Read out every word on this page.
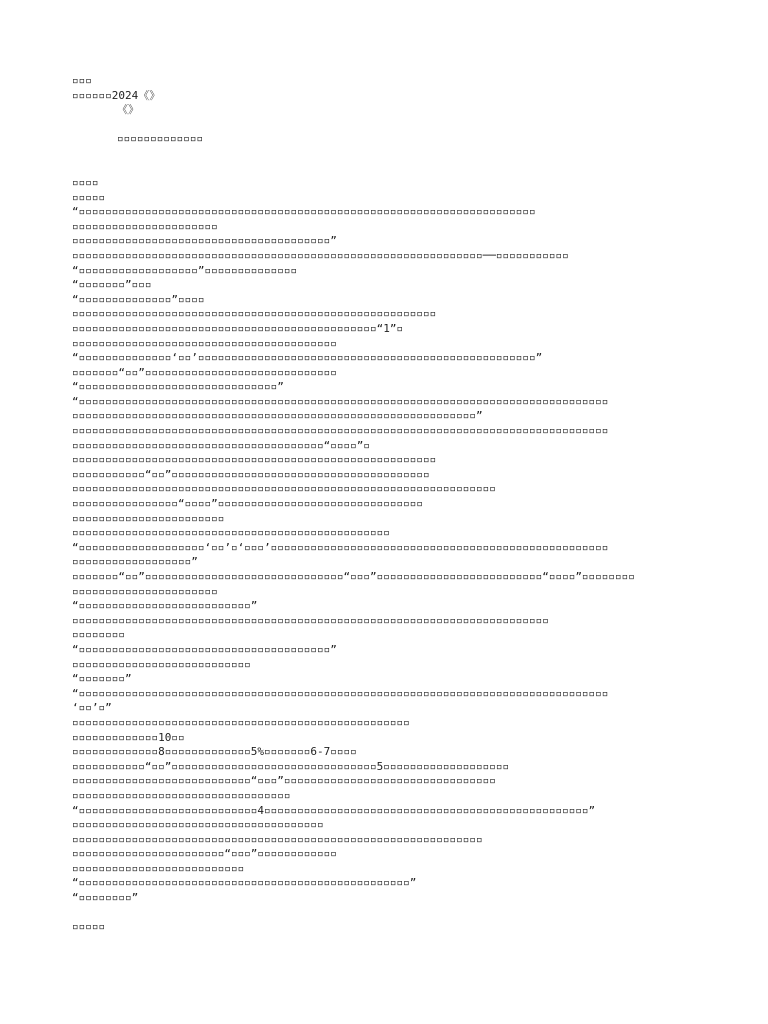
▫▫▫
▫▫▫▫▫▫2024《》
《》
▫▫▫▫▫▫▫▫▫▫▫▫▫
▫▫▫▫
▫▫▫▫▫
“▫▫▫▫▫▫▫▫▫▫▫▫▫▫▫▫▫▫▫▫▫▫▫▫▫▫▫▫▫▫▫▫▫▫▫▫▫▫▫▫▫▫▫▫▫▫▫▫▫▫▫▫▫▫▫▫▫▫▫▫▫▫▫▫▫▫▫▫▫
▫▫▫▫▫▫▫▫▫▫▫▫▫▫▫▫▫▫▫▫▫▫
▫▫▫▫▫▫▫▫▫▫▫▫▫▫▫▫▫▫▫▫▫▫▫▫▫▫▫▫▫▫▫▫▫▫▫▫▫▫▫”
▫▫▫▫▫▫▫▫▫▫▫▫▫▫▫▫▫▫▫▫▫▫▫▫▫▫▫▫▫▫▫▫▫▫▫▫▫▫▫▫▫▫▫▫▫▫▫▫▫▫▫▫▫▫▫▫▫▫▫▫▫▫──▫▫▫▫▫▫▫▫▫▫▫
“▫▫▫▫▫▫▫▫▫▫▫▫▫▫▫▫▫▫”▫▫▫▫▫▫▫▫▫▫▫▫▫▫
“▫▫▫▫▫▫▫”▫▫▫
“▫▫▫▫▫▫▫▫▫▫▫▫▫▫”▫▫▫▫
▫▫▫▫▫▫▫▫▫▫▫▫▫▫▫▫▫▫▫▫▫▫▫▫▫▫▫▫▫▫▫▫▫▫▫▫▫▫▫▫▫▫▫▫▫▫▫▫▫▫▫▫▫▫▫
▫▫▫▫▫▫▫▫▫▫▫▫▫▫▫▫▫▫▫▫▫▫▫▫▫▫▫▫▫▫▫▫▫▫▫▫▫▫▫▫▫▫▫▫▫▫“1”▫
▫▫▫▫▫▫▫▫▫▫▫▫▫▫▫▫▫▫▫▫▫▫▫▫▫▫▫▫▫▫▫▫▫▫▫▫▫▫▫▫
“▫▫▫▫▫▫▫▫▫▫▫▫▫▫‘▫▫’▫▫▫▫▫▫▫▫▫▫▫▫▫▫▫▫▫▫▫▫▫▫▫▫▫▫▫▫▫▫▫▫▫▫▫▫▫▫▫▫▫▫▫▫▫▫▫▫▫▫▫”
▫▫▫▫▫▫▫“▫▫”▫▫▫▫▫▫▫▫▫▫▫▫▫▫▫▫▫▫▫▫▫▫▫▫▫▫▫▫▫
“▫▫▫▫▫▫▫▫▫▫▫▫▫▫▫▫▫▫▫▫▫▫▫▫▫▫▫▫▫▫”
“▫▫▫▫▫▫▫▫▫▫▫▫▫▫▫▫▫▫▫▫▫▫▫▫▫▫▫▫▫▫▫▫▫▫▫▫▫▫▫▫▫▫▫▫▫▫▫▫▫▫▫▫▫▫▫▫▫▫▫▫▫▫▫▫▫▫▫▫▫▫▫▫▫▫▫▫▫▫▫▫
▫▫▫▫▫▫▫▫▫▫▫▫▫▫▫▫▫▫▫▫▫▫▫▫▫▫▫▫▫▫▫▫▫▫▫▫▫▫▫▫▫▫▫▫▫▫▫▫▫▫▫▫▫▫▫▫▫▫▫▫▫”
▫▫▫▫▫▫▫▫▫▫▫▫▫▫▫▫▫▫▫▫▫▫▫▫▫▫▫▫▫▫▫▫▫▫▫▫▫▫▫▫▫▫▫▫▫▫▫▫▫▫▫▫▫▫▫▫▫▫▫▫▫▫▫▫▫▫▫▫▫▫▫▫▫▫▫▫▫▫▫▫▫
▫▫▫▫▫▫▫▫▫▫▫▫▫▫▫▫▫▫▫▫▫▫▫▫▫▫▫▫▫▫▫▫▫▫▫▫▫▫“▫▫▫▫”▫
▫▫▫▫▫▫▫▫▫▫▫▫▫▫▫▫▫▫▫▫▫▫▫▫▫▫▫▫▫▫▫▫▫▫▫▫▫▫▫▫▫▫▫▫▫▫▫▫▫▫▫▫▫▫▫
▫▫▫▫▫▫▫▫▫▫▫“▫▫”▫▫▫▫▫▫▫▫▫▫▫▫▫▫▫▫▫▫▫▫▫▫▫▫▫▫▫▫▫▫▫▫▫▫▫▫▫▫▫
▫▫▫▫▫▫▫▫▫▫▫▫▫▫▫▫▫▫▫▫▫▫▫▫▫▫▫▫▫▫▫▫▫▫▫▫▫▫▫▫▫▫▫▫▫▫▫▫▫▫▫▫▫▫▫▫▫▫▫▫▫▫▫▫
▫▫▫▫▫▫▫▫▫▫▫▫▫▫▫▫“▫▫▫▫”▫▫▫▫▫▫▫▫▫▫▫▫▫▫▫▫▫▫▫▫▫▫▫▫▫▫▫▫▫▫▫
▫▫▫▫▫▫▫▫▫▫▫▫▫▫▫▫▫▫▫▫▫▫▫
▫▫▫▫▫▫▫▫▫▫▫▫▫▫▫▫▫▫▫▫▫▫▫▫▫▫▫▫▫▫▫▫▫▫▫▫▫▫▫▫▫▫▫▫▫▫▫▫
“▫▫▫▫▫▫▫▫▫▫▫▫▫▫▫▫▫▫▫‘▫▫’▫‘▫▫▫’▫▫▫▫▫▫▫▫▫▫▫▫▫▫▫▫▫▫▫▫▫▫▫▫▫▫▫▫▫▫▫▫▫▫▫▫▫▫▫▫▫▫▫▫▫▫▫▫▫▫▫
▫▫▫▫▫▫▫▫▫▫▫▫▫▫▫▫▫▫”
▫▫▫▫▫▫▫“▫▫”▫▫▫▫▫▫▫▫▫▫▫▫▫▫▫▫▫▫▫▫▫▫▫▫▫▫▫▫▫▫“▫▫▫”▫▫▫▫▫▫▫▫▫▫▫▫▫▫▫▫▫▫▫▫▫▫▫▫▫“▫▫▫▫”▫▫▫▫▫▫▫▫
▫▫▫▫▫▫▫▫▫▫▫▫▫▫▫▫▫▫▫▫▫▫
“▫▫▫▫▫▫▫▫▫▫▫▫▫▫▫▫▫▫▫▫▫▫▫▫▫▫”
▫▫▫▫▫▫▫▫▫▫▫▫▫▫▫▫▫▫▫▫▫▫▫▫▫▫▫▫▫▫▫▫▫▫▫▫▫▫▫▫▫▫▫▫▫▫▫▫▫▫▫▫▫▫▫▫▫▫▫▫▫▫▫▫▫▫▫▫▫▫▫▫
▫▫▫▫▫▫▫▫
“▫▫▫▫▫▫▫▫▫▫▫▫▫▫▫▫▫▫▫▫▫▫▫▫▫▫▫▫▫▫▫▫▫▫▫▫▫▫”
▫▫▫▫▫▫▫▫▫▫▫▫▫▫▫▫▫▫▫▫▫▫▫▫▫▫▫
“▫▫▫▫▫▫▫”
“▫▫▫▫▫▫▫▫▫▫▫▫▫▫▫▫▫▫▫▫▫▫▫▫▫▫▫▫▫▫▫▫▫▫▫▫▫▫▫▫▫▫▫▫▫▫▫▫▫▫▫▫▫▫▫▫▫▫▫▫▫▫▫▫▫▫▫▫▫▫▫▫▫▫▫▫▫▫▫▫
‘▫▫’▫”
▫▫▫▫▫▫▫▫▫▫▫▫▫▫▫▫▫▫▫▫▫▫▫▫▫▫▫▫▫▫▫▫▫▫▫▫▫▫▫▫▫▫▫▫▫▫▫▫▫▫▫
▫▫▫▫▫▫▫▫▫▫▫▫▫10▫▫
▫▫▫▫▫▫▫▫▫▫▫▫▫8▫▫▫▫▫▫▫▫▫▫▫▫▫5%▫▫▫▫▫▫▫6-7▫▫▫▫
▫▫▫▫▫▫▫▫▫▫▫“▫▫”▫▫▫▫▫▫▫▫▫▫▫▫▫▫▫▫▫▫▫▫▫▫▫▫▫▫▫▫▫▫▫5▫▫▫▫▫▫▫▫▫▫▫▫▫▫▫▫▫▫▫
▫▫▫▫▫▫▫▫▫▫▫▫▫▫▫▫▫▫▫▫▫▫▫▫▫▫▫“▫▫▫”▫▫▫▫▫▫▫▫▫▫▫▫▫▫▫▫▫▫▫▫▫▫▫▫▫▫▫▫▫▫▫▫
▫▫▫▫▫▫▫▫▫▫▫▫▫▫▫▫▫▫▫▫▫▫▫▫▫▫▫▫▫▫▫▫▫
“▫▫▫▫▫▫▫▫▫▫▫▫▫▫▫▫▫▫▫▫▫▫▫▫▫▫▫4▫▫▫▫▫▫▫▫▫▫▫▫▫▫▫▫▫▫▫▫▫▫▫▫▫▫▫▫▫▫▫▫▫▫▫▫▫▫▫▫▫▫▫▫▫▫▫▫▫”
▫▫▫▫▫▫▫▫▫▫▫▫▫▫▫▫▫▫▫▫▫▫▫▫▫▫▫▫▫▫▫▫▫▫▫▫▫▫
▫▫▫▫▫▫▫▫▫▫▫▫▫▫▫▫▫▫▫▫▫▫▫▫▫▫▫▫▫▫▫▫▫▫▫▫▫▫▫▫▫▫▫▫▫▫▫▫▫▫▫▫▫▫▫▫▫▫▫▫▫▫
▫▫▫▫▫▫▫▫▫▫▫▫▫▫▫▫▫▫▫▫▫▫▫“▫▫▫”▫▫▫▫▫▫▫▫▫▫▫▫
▫▫▫▫▫▫▫▫▫▫▫▫▫▫▫▫▫▫▫▫▫▫▫▫▫▫
“▫▫▫▫▫▫▫▫▫▫▫▫▫▫▫▫▫▫▫▫▫▫▫▫▫▫▫▫▫▫▫▫▫▫▫▫▫▫▫▫▫▫▫▫▫▫▫▫▫▫”
“▫▫▫▫▫▫▫▫”
▫▫▫▫▫
